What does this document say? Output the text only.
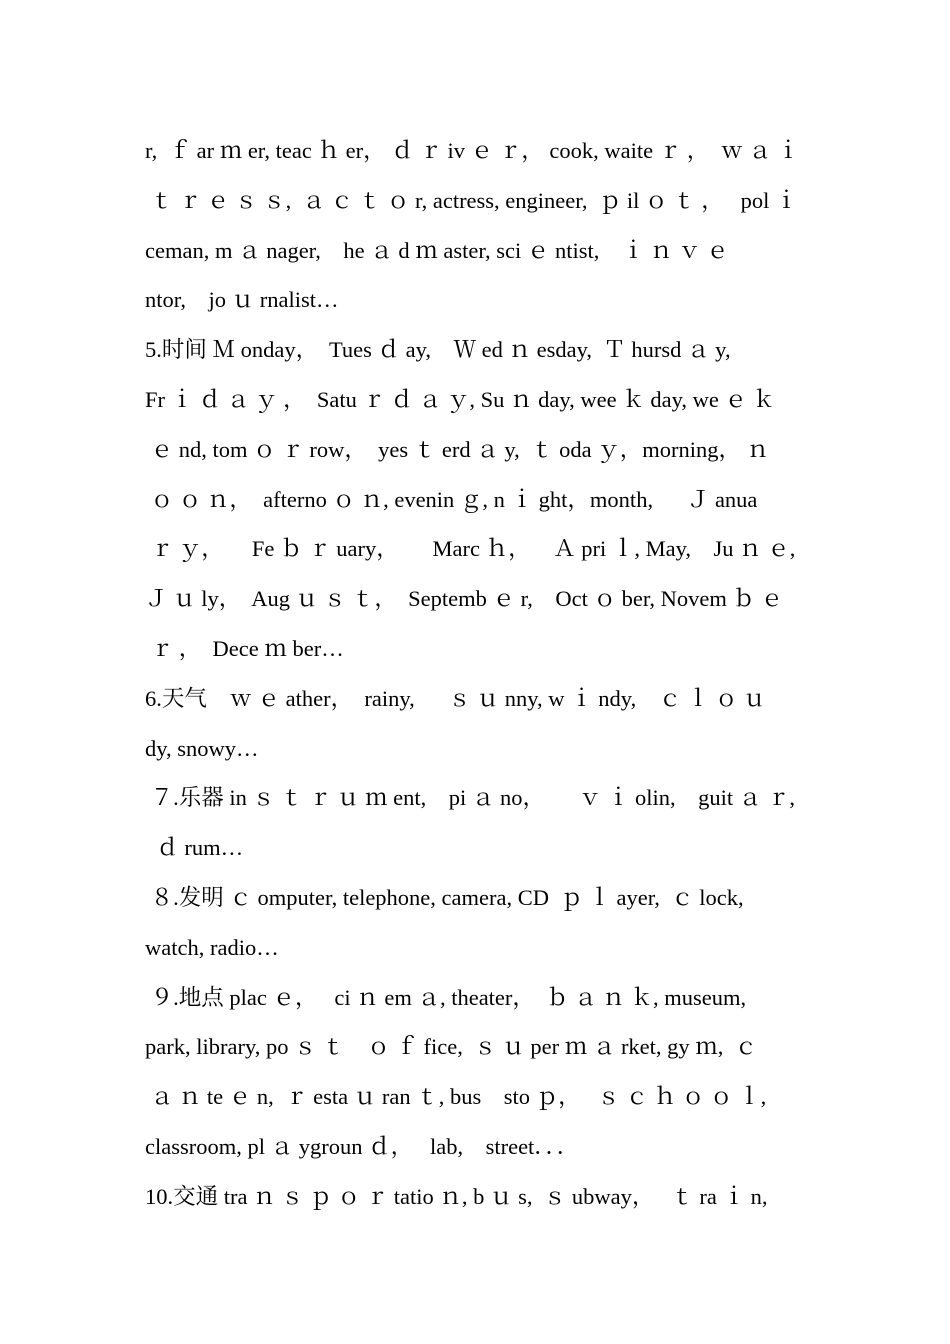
r,  ｆ ar ｍ er, teac ｈ er， ｄ ｒ iv ｅ ｒ， cook, waite ｒ ，  ｗ ａ ｉ
ｔ ｒ ｅ ｓ ｓ,  ａ ｃ ｔ ｏ r, actress, engineer,  ｐ il ｏ ｔ ，   pol ｉ
ceman, m ａ nager,    he ａ d ｍ aster, sci ｅ ntist,    ｉ ｎ ｖ ｅ
ntor,    jo ｕ rnalist…
5.时间 Ｍ onday，  Tues ｄ ay,    Ｗ ed ｎ esday,  Ｔ hursd ａ y,
Fr ｉ ｄ ａ ｙ ，  Satu ｒ ｄ ａ ｙ, Su ｎ day, wee ｋ day, we ｅ ｋ
ｅ nd, tom ｏ ｒ row，  yes ｔ erd ａ y,  ｔ oda ｙ，morning， ｎ
ｏ ｏ ｎ，  afterno ｏ ｎ, evenin ｇ, n ｉ ght，month,      Ｊ anua
ｒ ｙ，     Fe ｂ ｒ uary，      Marc ｈ，    Ａ pri ｌ, May,    Ju ｎ ｅ,
Ｊ ｕ ly，  Aug ｕ ｓ ｔ，  Septemb ｅ r,    Oct ｏ ber, Novem ｂ ｅ
ｒ ，  Dece ｍ ber…
6.天气    ｗ ｅ ather，  rainy,      ｓ ｕ nny, w ｉ ndy,    ｃ ｌ ｏ ｕ
dy, snowy…
７.乐器 in ｓ ｔ ｒ ｕ ｍ ent,    pi ａ no，      ｖ ｉ olin,    guit ａ ｒ,
ｄ rum…
８.发明 ｃ omputer, telephone, camera, CD  ｐ ｌ ayer,  ｃ lock,
watch, radio…
９.地点 plac ｅ，   ci ｎ em ａ, theater，  ｂ ａ ｎ ｋ, museum,
park, library, po ｓ ｔ    ｏ ｆ fice,  ｓ ｕ per ｍ ａ rket, gy ｍ,  ｃ
ａ ｎ te ｅ n,  ｒ esta ｕ ran ｔ, bus    sto ｐ，   ｓ ｃ ｈ ｏ ｏ ｌ,
classroom, pl ａ ygroun ｄ，   lab,    street．．．
10.交通 tra ｎ ｓ ｐ ｏ ｒ tatio ｎ, b ｕ s,  ｓ ubway，   ｔ ra ｉ n,
